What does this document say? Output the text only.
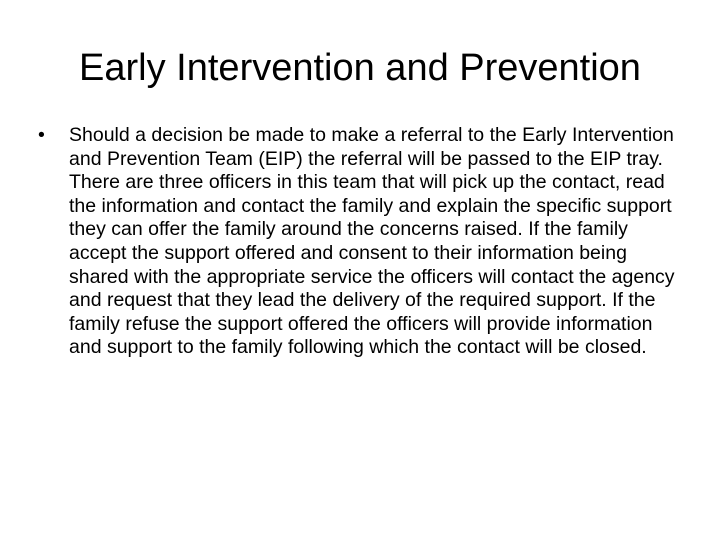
Early Intervention and Prevention
•	Should a decision be made to make a referral to the Early Intervention and Prevention Team (EIP) the referral will be passed to the EIP tray. There are three officers in this team that will pick up the contact, read the information and contact the family and explain the specific support they can offer the family around the concerns raised. If the family accept the support offered and consent to their information being shared with the appropriate service the officers will contact the agency and request that they lead the delivery of the required support. If the family refuse the support offered the officers will provide information and support to the family following which the contact will be closed.
